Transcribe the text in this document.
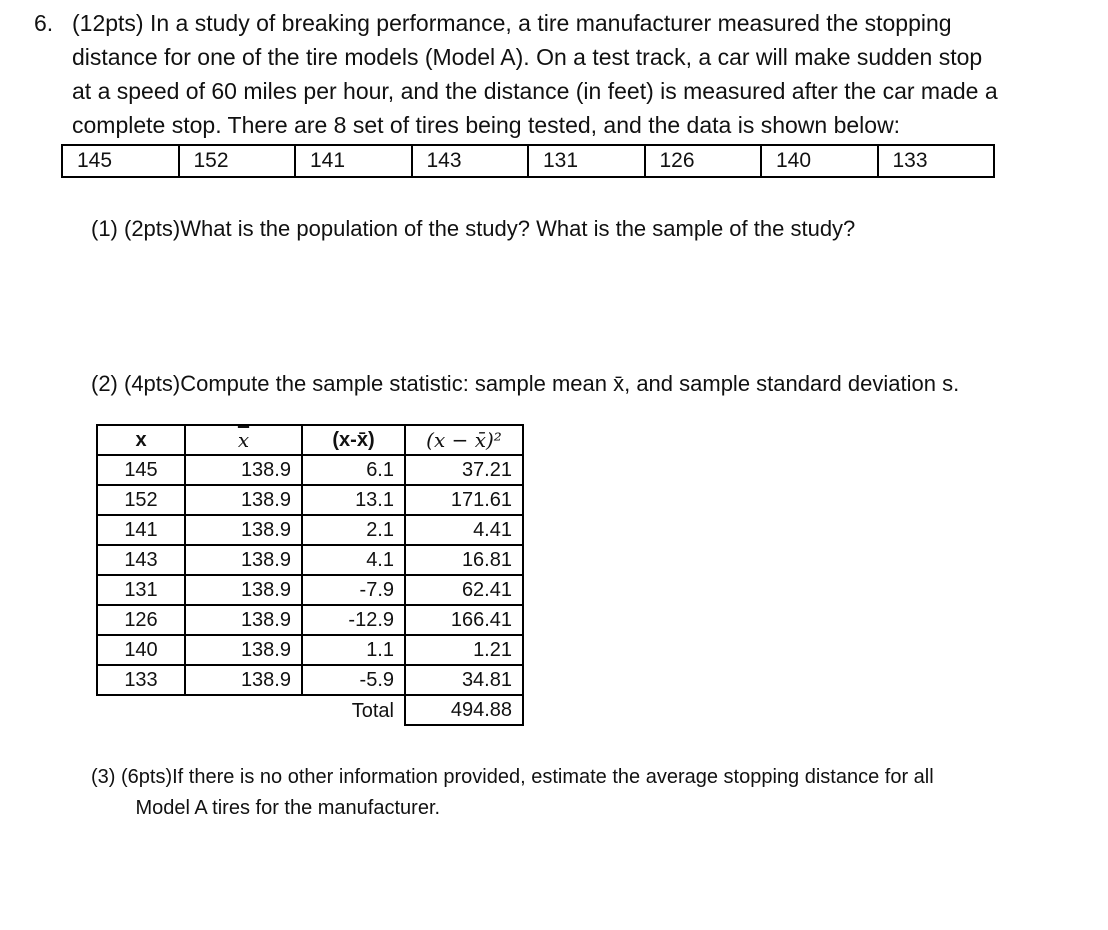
6. (12pts) In a study of breaking performance, a tire manufacturer measured the stopping
distance for one of the tire models (Model A). On a test track, a car will make sudden stop
at a speed of 60 miles per hour, and the distance (in feet) is measured after the car made a
complete stop. There are 8 set of tires being tested, and the data is shown below:
145	152	141	143	131	126	140	133
(1) (2pts)What is the population of the study? What is the sample of the study?
(2) (4pts)Compute the sample statistic: sample mean x̄, and sample standard deviation s.
x	$\overline{x}$	(x-x̄)	(x − x̄)²
145	138.9	6.1	37.21
152	138.9	13.1	171.61
141	138.9	2.1	4.41
143	138.9	4.1	16.81
131	138.9	-7.9	62.41
126	138.9	-12.9	166.41
140	138.9	1.1	1.21
133	138.9	-5.9	34.81
		Total	494.88
(3) (6pts)If there is no other information provided, estimate the average stopping distance for all
Model A tires for the manufacturer.
